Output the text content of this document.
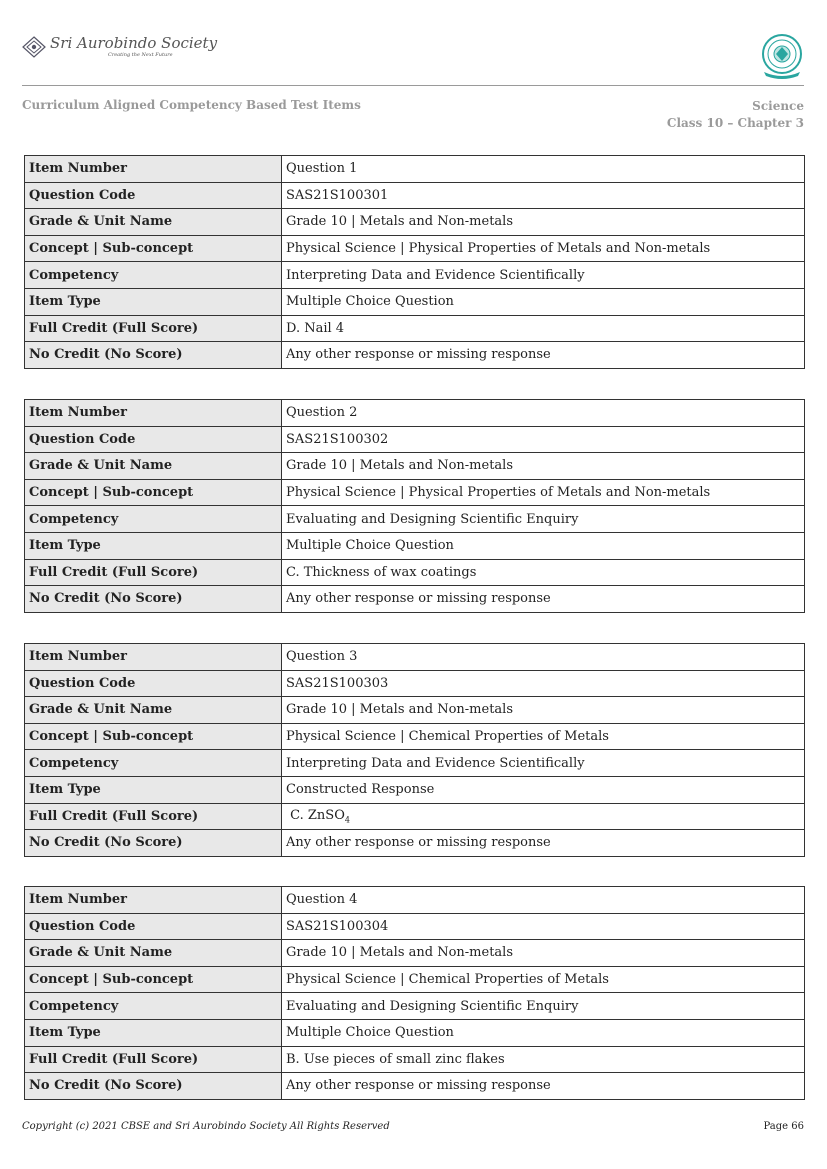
Sri Aurobindo Society
Creating the Next Future
Curriculum Aligned Competency Based Test Items	Science
Class 10 – Chapter 3
Item Number	Question 1
Question Code	SAS21S100301
Grade & Unit Name	Grade 10 | Metals and Non-metals
Concept | Sub-concept	Physical Science | Physical Properties of Metals and Non-metals
Competency	Interpreting Data and Evidence Scientifically
Item Type	Multiple Choice Question
Full Credit (Full Score)	D. Nail 4
No Credit (No Score)	Any other response or missing response
Item Number	Question 2
Question Code	SAS21S100302
Grade & Unit Name	Grade 10 | Metals and Non-metals
Concept | Sub-concept	Physical Science | Physical Properties of Metals and Non-metals
Competency	Evaluating and Designing Scientific Enquiry
Item Type	Multiple Choice Question
Full Credit (Full Score)	C. Thickness of wax coatings
No Credit (No Score)	Any other response or missing response
Item Number	Question 3
Question Code	SAS21S100303
Grade & Unit Name	Grade 10 | Metals and Non-metals
Concept | Sub-concept	Physical Science | Chemical Properties of Metals
Competency	Interpreting Data and Evidence Scientifically
Item Type	Constructed Response
Full Credit (Full Score)	C. ZnSO$_4$
No Credit (No Score)	Any other response or missing response
Item Number	Question 4
Question Code	SAS21S100304
Grade & Unit Name	Grade 10 | Metals and Non-metals
Concept | Sub-concept	Physical Science | Chemical Properties of Metals
Competency	Evaluating and Designing Scientific Enquiry
Item Type	Multiple Choice Question
Full Credit (Full Score)	B. Use pieces of small zinc flakes
No Credit (No Score)	Any other response or missing response
Copyright (c) 2021 CBSE and Sri Aurobindo Society All Rights Reserved	Page 66
